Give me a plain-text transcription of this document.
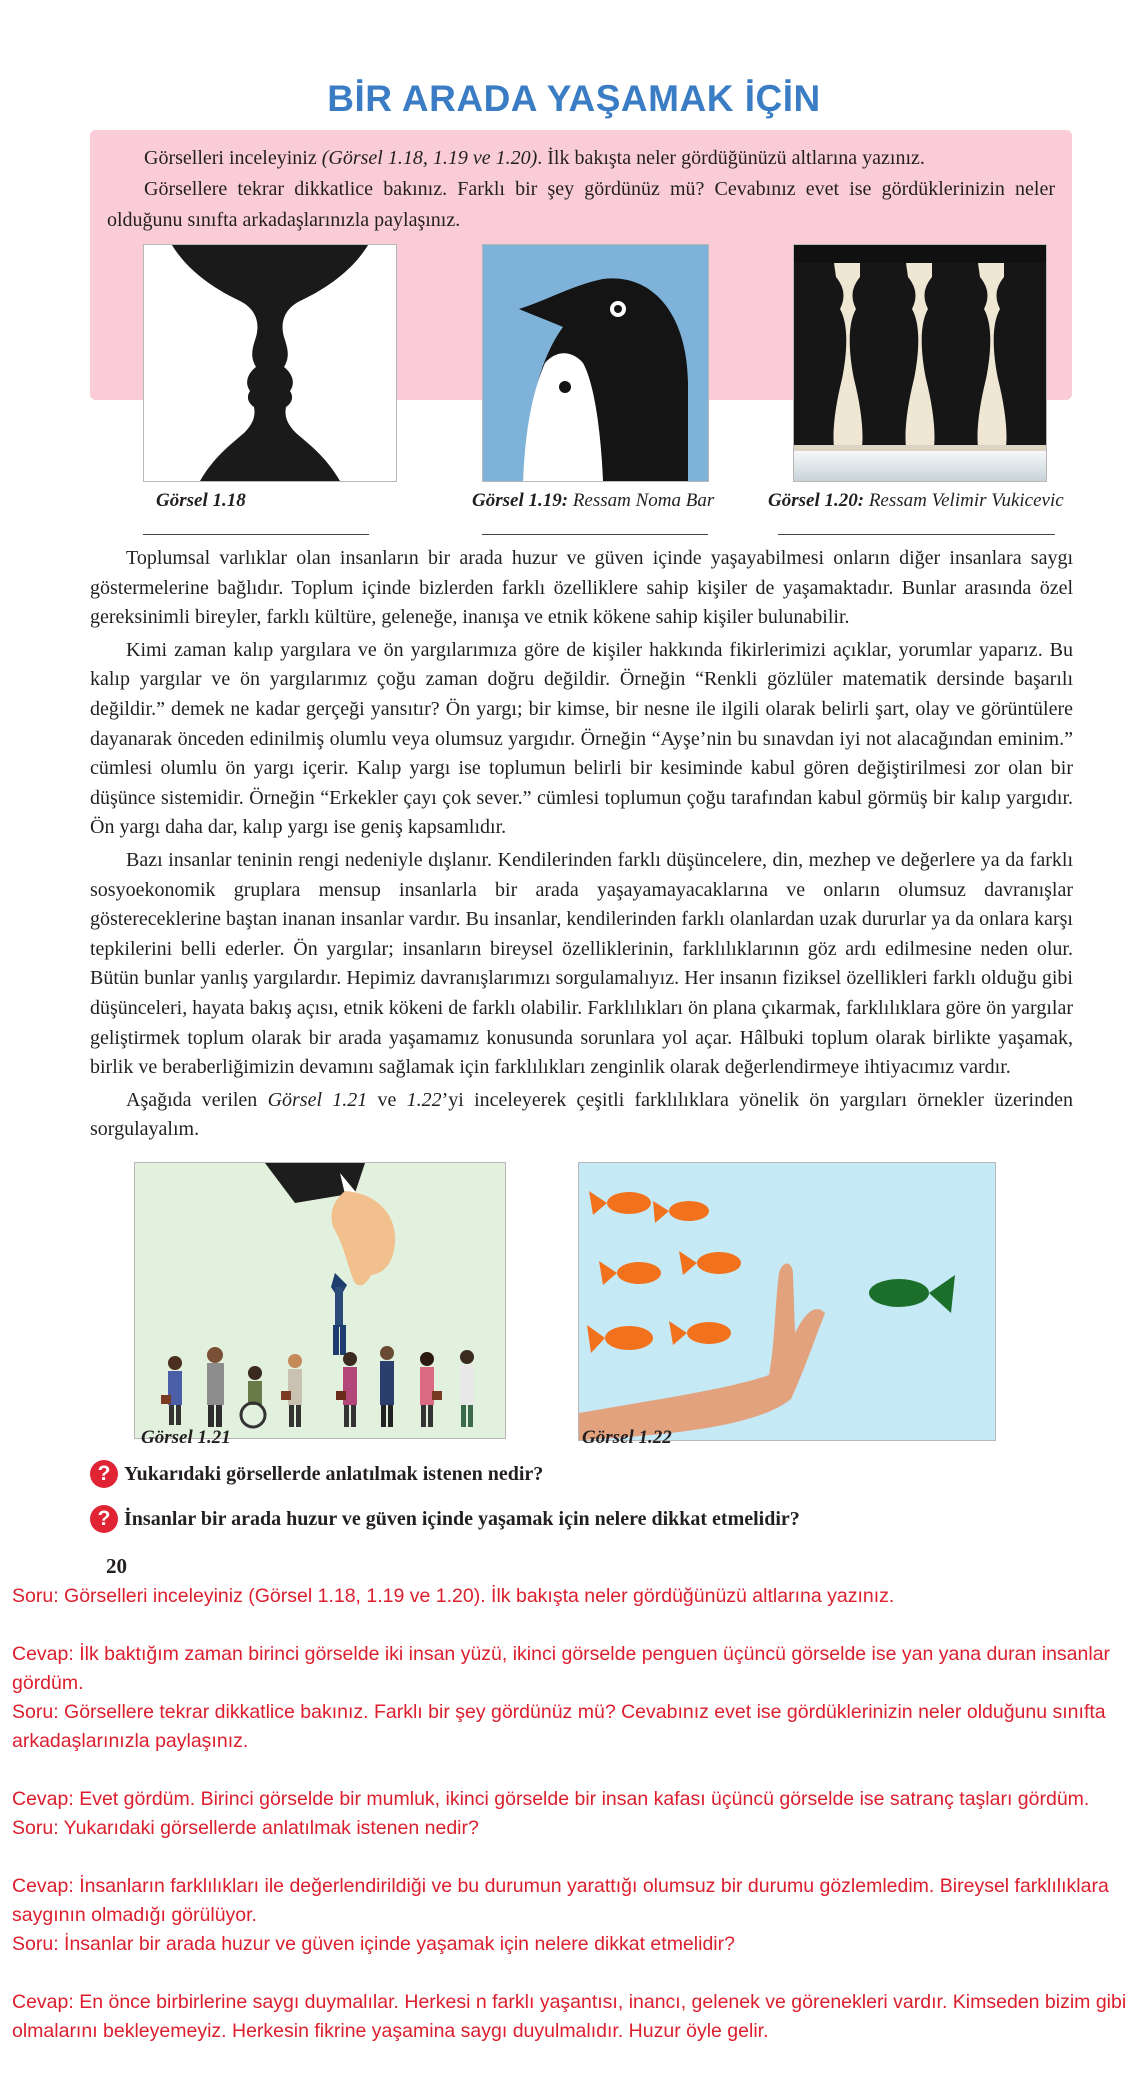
BİR ARADA YAŞAMAK İÇİN

Görselleri inceleyiniz (Görsel 1.18, 1.19 ve 1.20). İlk bakışta neler gördüğünüzü altlarına yazınız.

Görsellere tekrar dikkatlice bakınız. Farklı bir şey gördünüz mü? Cevabınız evet ise gördüklerinizin neler olduğunu sınıfta arkadaşlarınızla paylaşınız.

Görsel 1.18	Görsel 1.19: Ressam Noma Bar	Görsel 1.20: Ressam Velimir Vukicevic

Toplumsal varlıklar olan insanların bir arada huzur ve güven içinde yaşayabilmesi onların diğer insanlara saygı göstermelerine bağlıdır. Toplum içinde bizlerden farklı özelliklere sahip kişiler de yaşamaktadır. Bunlar arasında özel gereksinimli bireyler, farklı kültüre, geleneğe, inanışa ve etnik kökene sahip kişiler bulunabilir.

Kimi zaman kalıp yargılara ve ön yargılarımıza göre de kişiler hakkında fikirlerimizi açıklar, yorumlar yaparız. Bu kalıp yargılar ve ön yargılarımız çoğu zaman doğru değildir. Örneğin “Renkli gözlüler matematik dersinde başarılı değildir.” demek ne kadar gerçeği yansıtır? Ön yargı; bir kimse, bir nesne ile ilgili olarak belirli şart, olay ve görüntülere dayanarak önceden edinilmiş olumlu veya olumsuz yargıdır. Örneğin “Ayşe’nin bu sınavdan iyi not alacağından eminim.” cümlesi olumlu ön yargı içerir. Kalıp yargı ise toplumun belirli bir kesiminde kabul gören değiştirilmesi zor olan bir düşünce sistemidir. Örneğin “Erkekler çayı çok sever.” cümlesi toplumun çoğu tarafından kabul görmüş bir kalıp yargıdır. Ön yargı daha dar, kalıp yargı ise geniş kapsamlıdır.

Bazı insanlar teninin rengi nedeniyle dışlanır. Kendilerinden farklı düşüncelere, din, mezhep ve değerlere ya da farklı sosyoekonomik gruplara mensup insanlarla bir arada yaşayamayacaklarına ve onların olumsuz davranışlar göstereceklerine baştan inanan insanlar vardır. Bu insanlar, kendilerinden farklı olanlardan uzak dururlar ya da onlara karşı tepkilerini belli ederler. Ön yargılar; insanların bireysel özelliklerinin, farklılıklarının göz ardı edilmesine neden olur. Bütün bunlar yanlış yargılardır. Hepimiz davranışlarımızı sorgulamalıyız. Her insanın fiziksel özellikleri farklı olduğu gibi düşünceleri, hayata bakış açısı, etnik kökeni de farklı olabilir. Farklılıkları ön plana çıkarmak, farklılıklara göre ön yargılar geliştirmek toplum olarak bir arada yaşamamız konusunda sorunlara yol açar. Hâlbuki toplum olarak birlikte yaşamak, birlik ve beraberliğimizin devamını sağlamak için farklılıkları zenginlik olarak değerlendirmeye ihtiyacımız vardır.

Aşağıda verilen Görsel 1.21 ve 1.22’yi inceleyerek çeşitli farklılıklara yönelik ön yargıları örnekler üzerinden sorgulayalım.

Görsel 1.21	Görsel 1.22
? Yukarıdaki görsellerde anlatılmak istenen nedir?
? İnsanlar bir arada huzur ve güven içinde yaşamak için nelere dikkat etmelidir?
20

Soru: Görselleri inceleyiniz (Görsel 1.18, 1.19 ve 1.20). İlk bakışta neler gördüğünüzü altlarına yazınız.

Cevap: İlk baktığım zaman birinci görselde iki insan yüzü, ikinci görselde penguen üçüncü görselde ise yan yana duran insanlar gördüm.

Soru: Görsellere tekrar dikkatlice bakınız. Farklı bir şey gördünüz mü? Cevabınız evet ise gördüklerinizin neler olduğunu sınıfta arkadaşlarınızla paylaşınız.

Cevap: Evet gördüm. Birinci görselde bir mumluk, ikinci görselde bir insan kafası üçüncü görselde ise satranç taşları gördüm.

Soru: Yukarıdaki görsellerde anlatılmak istenen nedir?

Cevap: İnsanların farklılıkları ile değerlendirildiği ve bu durumun yarattığı olumsuz bir durumu gözlemledim. Bireysel farklılıklara saygının olmadığı görülüyor.

Soru: İnsanlar bir arada huzur ve güven içinde yaşamak için nelere dikkat etmelidir?

Cevap: En önce birbirlerine saygı duymalılar. Herkesi n farklı yaşantısı, inancı, gelenek ve görenekleri vardır. Kimseden bizim gibi olmalarını bekleyemeyiz. Herkesin fikrine yaşamina saygı duyulmalıdır. Huzur öyle gelir.
